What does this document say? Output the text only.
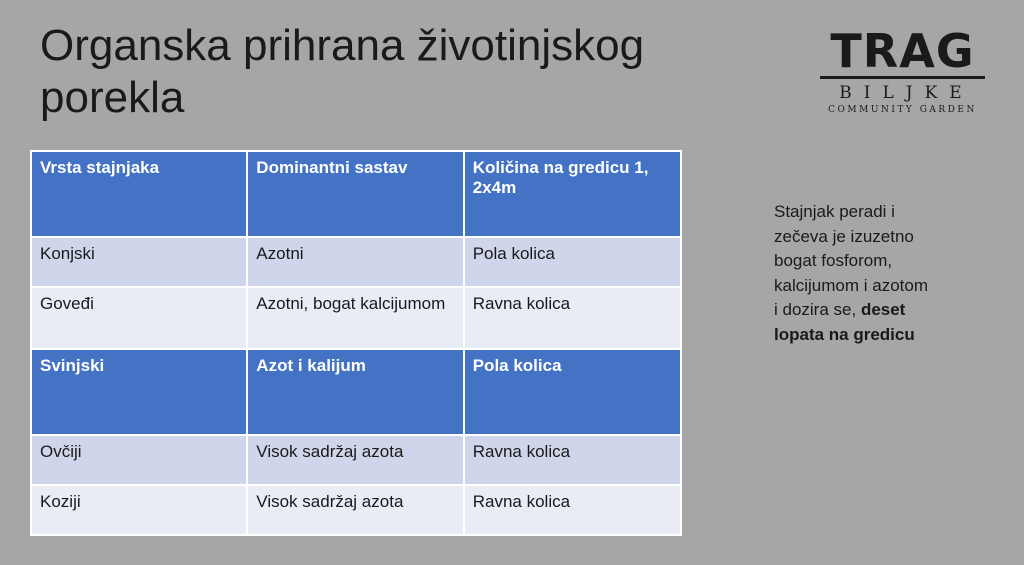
Organska prihrana životinjskog porekla
TRAG
BILJKE
COMMUNITY GARDEN
Vrsta stajnjaka	Dominantni sastav	Količina na gredicu 1, 2x4m
Konjski	Azotni	Pola kolica
Goveđi	Azotni, bogat kalcijumom	Ravna kolica
Svinjski	Azot i kalijum	Pola kolica
Ovčiji	Visok sadržaj azota	Ravna kolica
Koziji	Visok sadržaj azota	Ravna kolica
Stajnjak peradi i zečeva je izuzetno bogat fosforom, kalcijumom i azotom i dozira se, deset lopata na gredicu
